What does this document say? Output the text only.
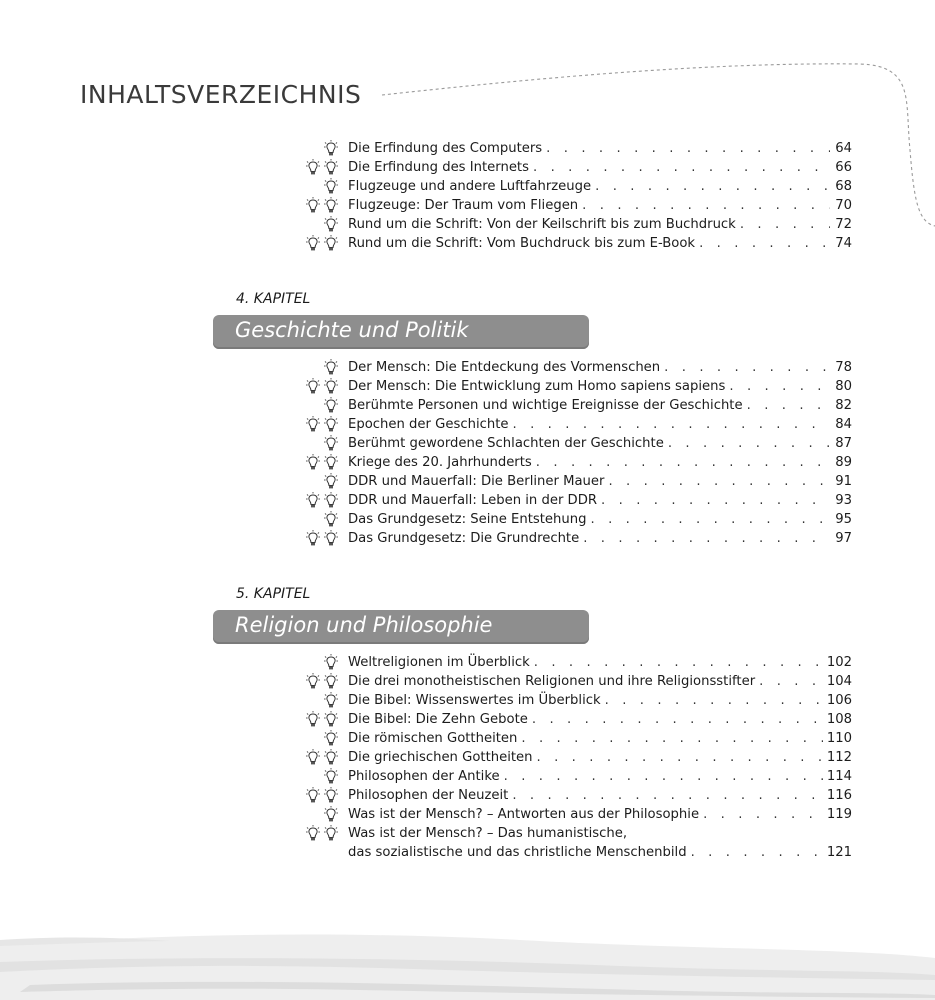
INHALTSVERZEICHNIS
Die Erfindung des Computers . . .	64
Die Erfindung des Internets . . .	66
Flugzeuge und andere Luftfahrzeuge . . .	68
Flugzeuge: Der Traum vom Fliegen . . .	70
Rund um die Schrift: Von der Keilschrift bis zum Buchdruck . . .	72
Rund um die Schrift: Vom Buchdruck bis zum E-Book . . .	74
4. KAPITEL
Geschichte und Politik
Der Mensch: Die Entdeckung des Vormenschen . . .	78
Der Mensch: Die Entwicklung zum Homo sapiens sapiens . . .	80
Berühmte Personen und wichtige Ereignisse der Geschichte . . .	82
Epochen der Geschichte . . .	84
Berühmt gewordene Schlachten der Geschichte . . .	87
Kriege des 20. Jahrhunderts . . .	89
DDR und Mauerfall: Die Berliner Mauer . . .	91
DDR und Mauerfall: Leben in der DDR . . .	93
Das Grundgesetz: Seine Entstehung . . .	95
Das Grundgesetz: Die Grundrechte . . .	97
5. KAPITEL
Religion und Philosophie
Weltreligionen im Überblick . . .	102
Die drei monotheistischen Religionen und ihre Religionsstifter . . .	104
Die Bibel: Wissenswertes im Überblick . . .	106
Die Bibel: Die Zehn Gebote . . .	108
Die römischen Gottheiten . . .	110
Die griechischen Gottheiten . . .	112
Philosophen der Antike . . .	114
Philosophen der Neuzeit . . .	116
Was ist der Mensch? – Antworten aus der Philosophie . . .	119
Was ist der Mensch? – Das humanistische,
das sozialistische und das christliche Menschenbild . . .	121
